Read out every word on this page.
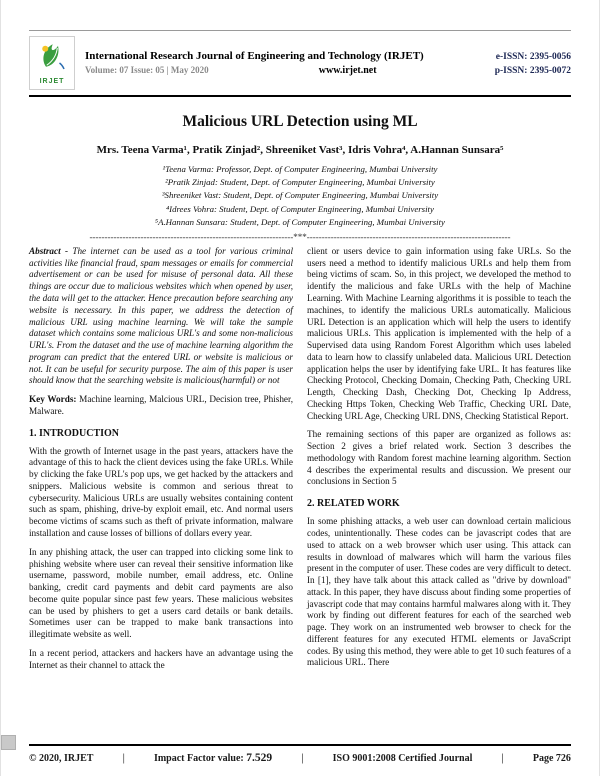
IRJET
International Research Journal of Engineering and Technology (IRJET)	e-ISSN: 2395-0056
Volume: 07 Issue: 05 | May 2020	www.irjet.net	p-ISSN: 2395-0072
Malicious URL Detection using ML
Mrs. Teena Varma¹, Pratik Zinjad², Shreeniket Vast³, Idris Vohra⁴, A.Hannan Sunsara⁵
¹Teena Varma: Professor, Dept. of Computer Engineering, Mumbai University
²Pratik Zinjad: Student, Dept. of Computer Engineering, Mumbai University
³Shreeniket Vast: Student, Dept. of Computer Engineering, Mumbai University
⁴Idrees Vohra: Student, Dept. of Computer Engineering, Mumbai University
⁵A.Hannan Sunsara: Student, Dept. of Computer Engineering, Mumbai University
--------------------------------------------------------------------***--------------------------------------------------------------------

Abstract - The internet can be used as a tool for various criminal activities like financial fraud, spam messages or emails for commercial advertisement or can be used for misuse of personal data. All these things are occur due to malicious websites which when opened by user, the data will get to the attacker. Hence precaution before searching any website is necessary. In this paper, we address the detection of malicious URL using machine learning. We will take the sample dataset which contains some malicious URL's and some non-malicious URL's. From the dataset and the use of machine learning algorithm the program can predict that the entered URL or website is malicious or not. It can be useful for security purpose. The aim of this paper is user should know that the searching website is malicious(harmful) or not

Key Words: Machine learning, Malcious URL, Decision tree, Phisher, Malware.

1. INTRODUCTION

With the growth of Internet usage in the past years, attackers have the advantage of this to hack the client devices using the fake URLs. While by clicking the fake URL's pop ups, we get hacked by the attackers and snippers. Malicious website is common and serious threat to cybersecurity. Malicious URLs are usually websites containing content such as spam, phishing, drive-by exploit email, etc. And normal users become victims of scams such as theft of private information, malware installation and cause losses of billions of dollars every year.

In any phishing attack, the user can trapped into clicking some link to phishing website where user can reveal their sensitive information like username, password, mobile number, email address, etc. Online banking, credit card payments and debit card payments are also become quite popular since past few years. These malicious websites can be used by phishers to get a users card details or bank details. Sometimes user can be trapped to make bank transactions into illegitimate website as well.

In a recent period, attackers and hackers have an advantage using the Internet as their channel to attack the

client or users device to gain information using fake URLs. So the users need a method to identify malicious URLs and help them from being victims of scam. So, in this project, we developed the method to identify the malicious and fake URLs with the help of Machine Learning. With Machine Learning algorithms it is possible to teach the machines, to identify the malicious URLs automatically. Malicious URL Detection is an application which will help the users to identify malicious URLs. This application is implemented with the help of a Supervised data using Random Forest Algorithm which uses labeled data to learn how to classify unlabeled data. Malicious URL Detection application helps the user by identifying fake URL. It has features like Checking Protocol, Checking Domain, Checking Path, Checking URL Length, Checking Dash, Checking Dot, Checking Ip Address, Checking Https Token, Checking Web Traffic, Checking URL Date, Checking URL Age, Checking URL DNS, Checking Statistical Report.

The remaining sections of this paper are organized as follows as: Section 2 gives a brief related work. Section 3 describes the methodology with Random forest machine learning algorithm. Section 4 describes the experimental results and discussion. We present our conclusions in Section 5

2. RELATED WORK

In some phishing attacks, a web user can download certain malicious codes, unintentionally. These codes can be javascript codes that are used to attack on a web browser which user using. This attack can results in download of malwares which will harm the various files present in the computer of user. These codes are very difficult to detect. In [1], they have talk about this attack called as "drive by download" attack. In this paper, they have discuss about finding some properties of javascript code that may contains harmful malwares along with it. They work by finding out different features for each of the searched web page. They work on an instrumented web browser to check for the different features for any executed HTML elements or JavaScript codes. By using this method, they were able to get 10 such features of a malicious URL. There

© 2020, IRJET	|	Impact Factor value: 7.529	|	ISO 9001:2008 Certified Journal	|	Page 726
